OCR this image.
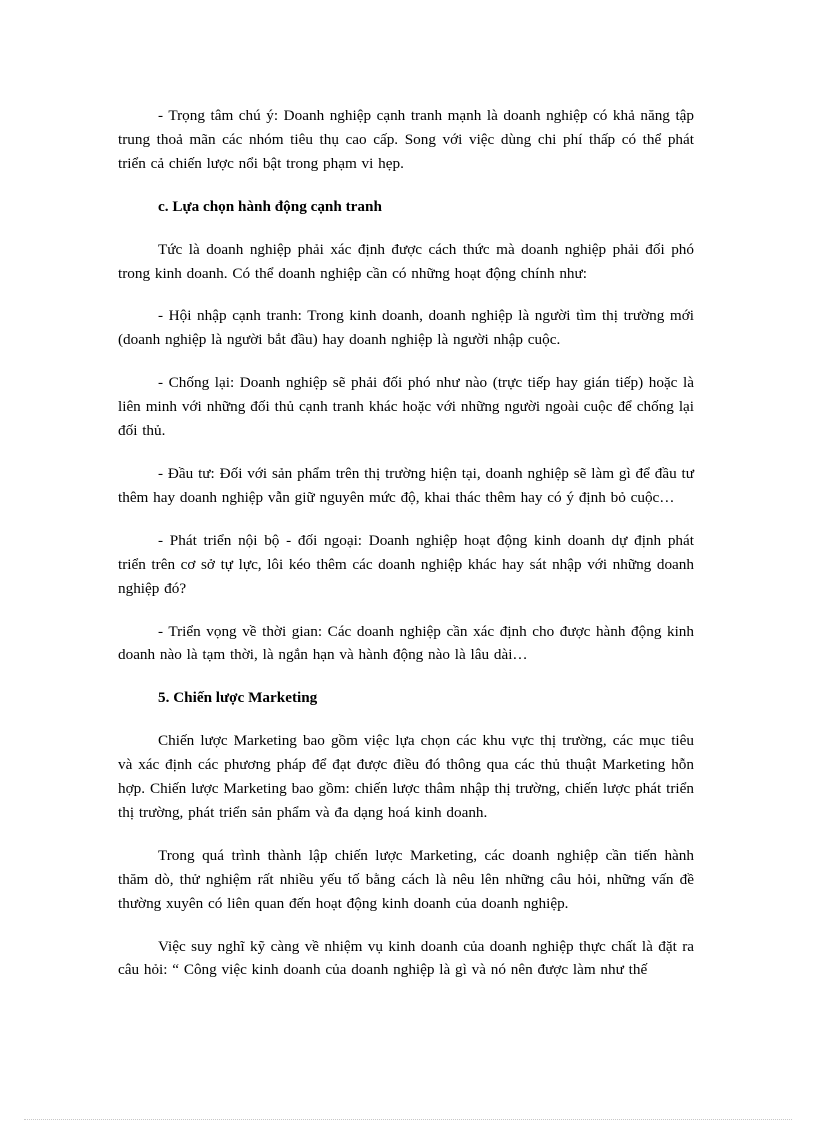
- Trọng tâm chú ý: Doanh nghiệp cạnh tranh mạnh là doanh nghiệp có khả năng tập trung thoả mãn các nhóm tiêu thụ cao cấp. Song với việc dùng chi phí thấp có thể phát triển cả chiến lược nổi bật trong phạm vi hẹp.

c. Lựa chọn hành động cạnh tranh

Tức là doanh nghiệp phải xác định được cách thức mà doanh nghiệp phải đối phó trong kinh doanh. Có thể doanh nghiệp cần có những hoạt động chính như:

- Hội nhập cạnh tranh: Trong kinh doanh, doanh nghiệp là người tìm thị trường mới (doanh nghiệp là người bắt đầu) hay doanh nghiệp là người nhập cuộc.

- Chống lại: Doanh nghiệp sẽ phải đối phó như nào (trực tiếp hay gián tiếp) hoặc là liên minh với những đối thủ cạnh tranh khác hoặc với những người ngoài cuộc để chống lại đối thủ.

- Đầu tư: Đối với sản phẩm trên thị trường hiện tại, doanh nghiệp sẽ làm gì để đầu tư thêm hay doanh nghiệp vẫn giữ nguyên mức độ, khai thác thêm hay có ý định bỏ cuộc…

- Phát triển nội bộ - đối ngoại: Doanh nghiệp hoạt động kinh doanh dự định phát triển trên cơ sở tự lực, lôi kéo thêm các doanh nghiệp khác hay sát nhập với những doanh nghiệp đó?

- Triển vọng về thời gian: Các doanh nghiệp cần xác định cho được hành động kinh doanh nào là tạm thời, là ngắn hạn và hành động nào là lâu dài…

5. Chiến lược Marketing

Chiến lược Marketing bao gồm việc lựa chọn các khu vực thị trường, các mục tiêu và xác định các phương pháp để đạt được điều đó thông qua các thủ thuật Marketing hỗn hợp. Chiến lược Marketing bao gồm: chiến lược thâm nhập thị trường, chiến lược phát triển thị trường, phát triển sản phẩm và đa dạng hoá kinh doanh.

Trong quá trình thành lập chiến lược Marketing, các doanh nghiệp cần tiến hành thăm dò, thử nghiệm rất nhiều yếu tố bằng cách là nêu lên những câu hỏi, những vấn đề thường xuyên có liên quan đến hoạt động kinh doanh của doanh nghiệp.

Việc suy nghĩ kỹ càng về nhiệm vụ kinh doanh của doanh nghiệp thực chất là đặt ra câu hỏi: “ Công việc kinh doanh của doanh nghiệp là gì và nó nên được làm như thế
